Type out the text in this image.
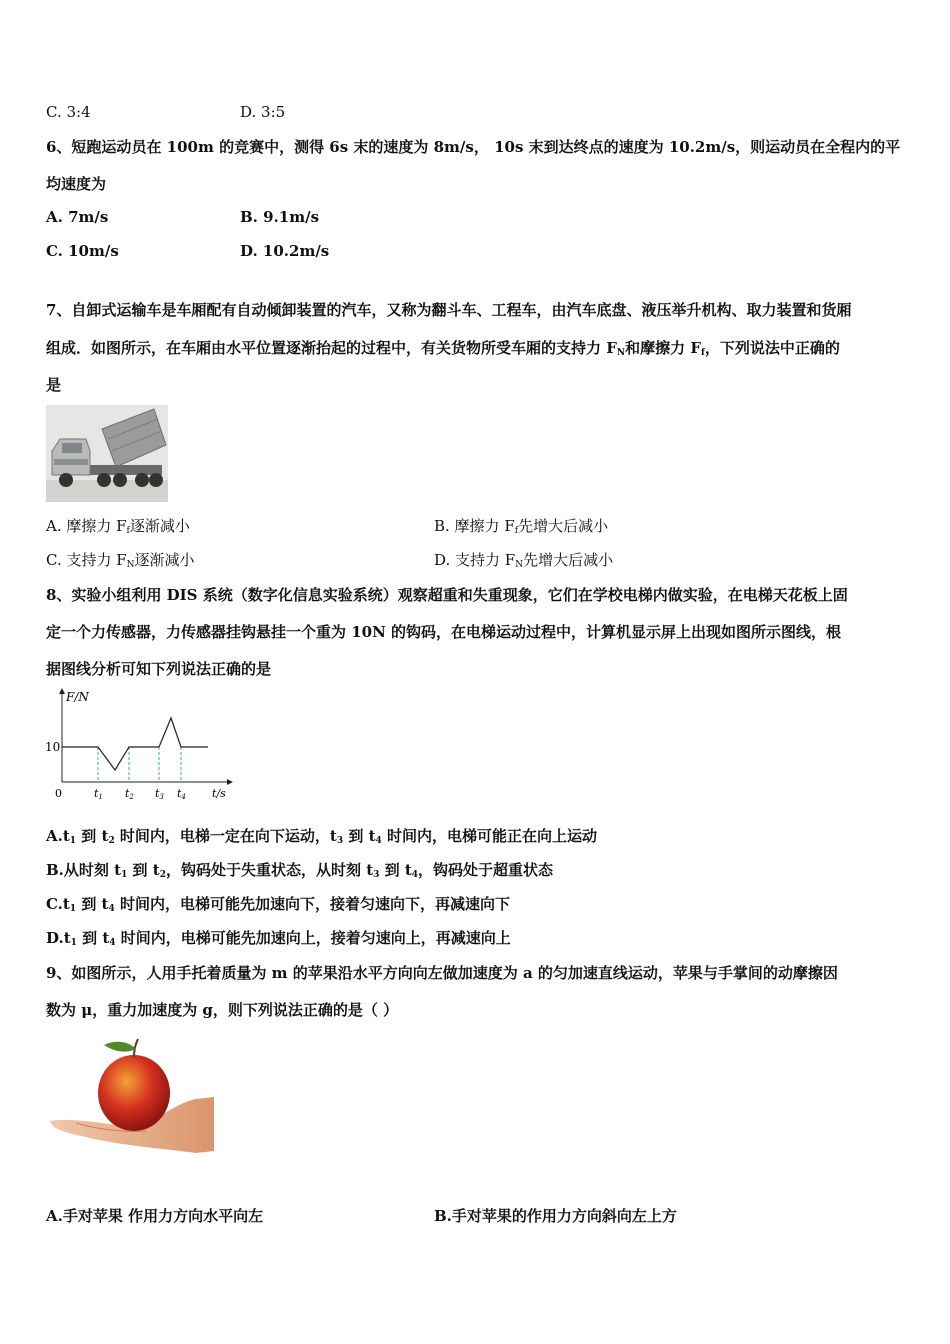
C. 3:4	D. 3:5
6、短跑运动员在 100m 的竞赛中，测得 6s 末的速度为 8m/s， 10s 末到达终点的速度为 10.2m/s，则运动员在全程内的平
均速度为
A. 7m/s	B. 9.1m/s
C. 10m/s	D. 10.2m/s
7、自卸式运输车是车厢配有自动倾卸装置的汽车，又称为翻斗车、工程车，由汽车底盘、液压举升机构、取力装置和货厢
组成．如图所示，在车厢由水平位置逐渐抬起的过程中，有关货物所受车厢的支持力 $F_N$和摩擦力 $F_f$，下列说法中正确的
是
A. 摩擦力 $F_f$逐渐减小	B. 摩擦力 $F_f$先增大后减小
C. 支持力 $F_N$逐渐减小	D. 支持力 $F_N$先增大后减小
8、实验小组利用 DIS 系统（数字化信息实验系统）观察超重和失重现象，它们在学校电梯内做实验，在电梯天花板上固
定一个力传感器，力传感器挂钩悬挂一个重为 10N 的钩码，在电梯运动过程中，计算机显示屏上出现如图所示图线，根
据图线分析可知下列说法正确的是
F/N
10
0	t1 t2 t3 t4 t/s
$A.t_1$ 到 $t_2$ 时间内，电梯一定在向下运动，$t_3$ 到 $t_4$ 时间内，电梯可能正在向上运动
B.从时刻 $t_1$ 到 $t_2$，钩码处于失重状态，从时刻 $t_3$ 到 $t_4$，钩码处于超重状态
$C.t_1$ 到 $t_4$ 时间内，电梯可能先加速向下，接着匀速向下，再减速向下
$D.t_1$ 到 $t_4$ 时间内，电梯可能先加速向上，接着匀速向上，再减速向上
9、如图所示，人用手托着质量为 m 的苹果沿水平方向向左做加速度为 a 的匀加速直线运动，苹果与手掌间的动摩擦因
数为 μ，重力加速度为 g，则下列说法正确的是（ ）
A.手对苹果 作用力方向水平向左	B.手对苹果的作用力方向斜向左上方
